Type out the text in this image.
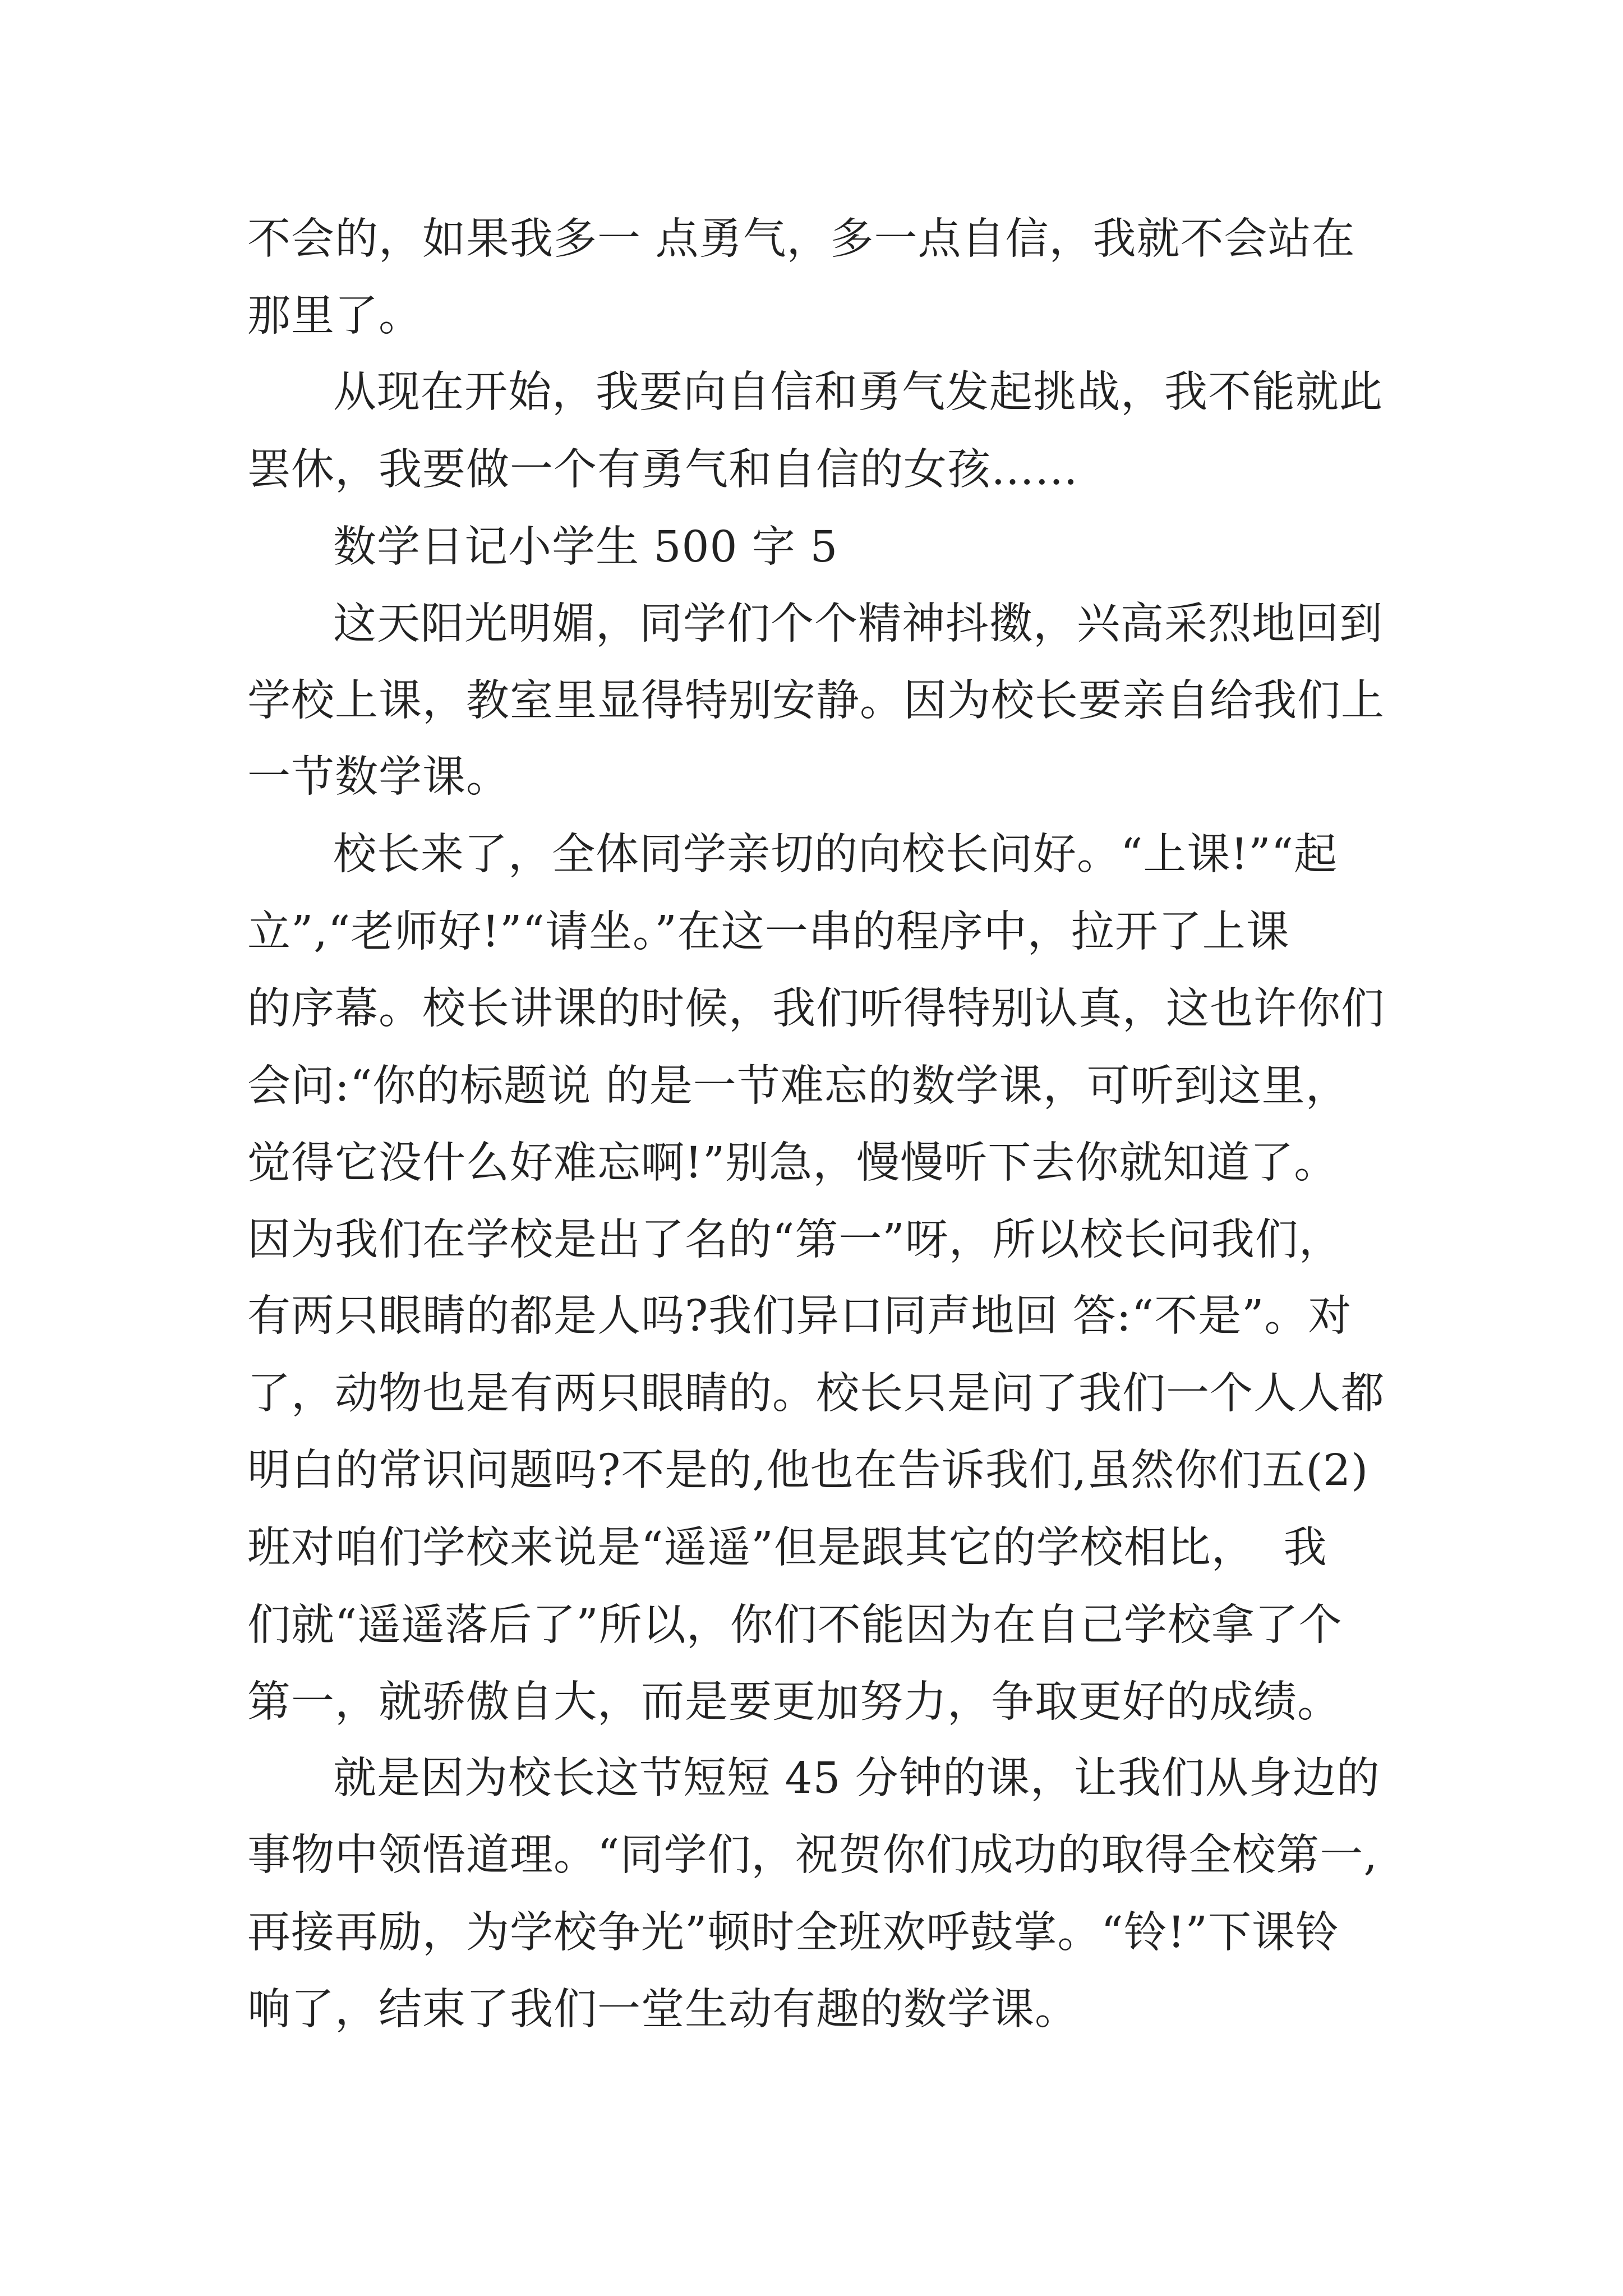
不会的，如果我多一 点勇气，多一点自信，我就不会站在
那里了。
从现在开始，我要向自信和勇气发起挑战，我不能就此
罢休，我要做一个有勇气和自信的女孩……
数学日记小学生 500 字 5
这天阳光明媚，同学们个个精神抖擞，兴高采烈地回到
学校上课，教室里显得特别安静。因为校长要亲自给我们上
一节数学课。
校长来了，全体同学亲切的向校长问好。“上课!”“起
立”,“老师好!”“请坐。”在这一串的程序中，拉开了上课
的序幕。校长讲课的时候，我们听得特别认真，这也许你们
会问:“你的标题说 的是一节难忘的数学课，可听到这里，
觉得它没什么好难忘啊!”别急，慢慢听下去你就知道了。
因为我们在学校是出了名的“第一”呀，所以校长问我们，
有两只眼睛的都是人吗?我们异口同声地回 答:“不是”。对
了，动物也是有两只眼睛的。校长只是问了我们一个人人都
明白的常识问题吗?不是的,他也在告诉我们,虽然你们五(2)
班对咱们学校来说是“遥遥”但是跟其它的学校相比，  我
们就“遥遥落后了”所以，你们不能因为在自己学校拿了个
第一，就骄傲自大，而是要更加努力，争取更好的成绩。
就是因为校长这节短短 45 分钟的课，让我们从身边的
事物中领悟道理。“同学们，祝贺你们成功的取得全校第一,
再接再励，为学校争光”顿时全班欢呼鼓掌。“铃!”下课铃
响了，结束了我们一堂生动有趣的数学课。
